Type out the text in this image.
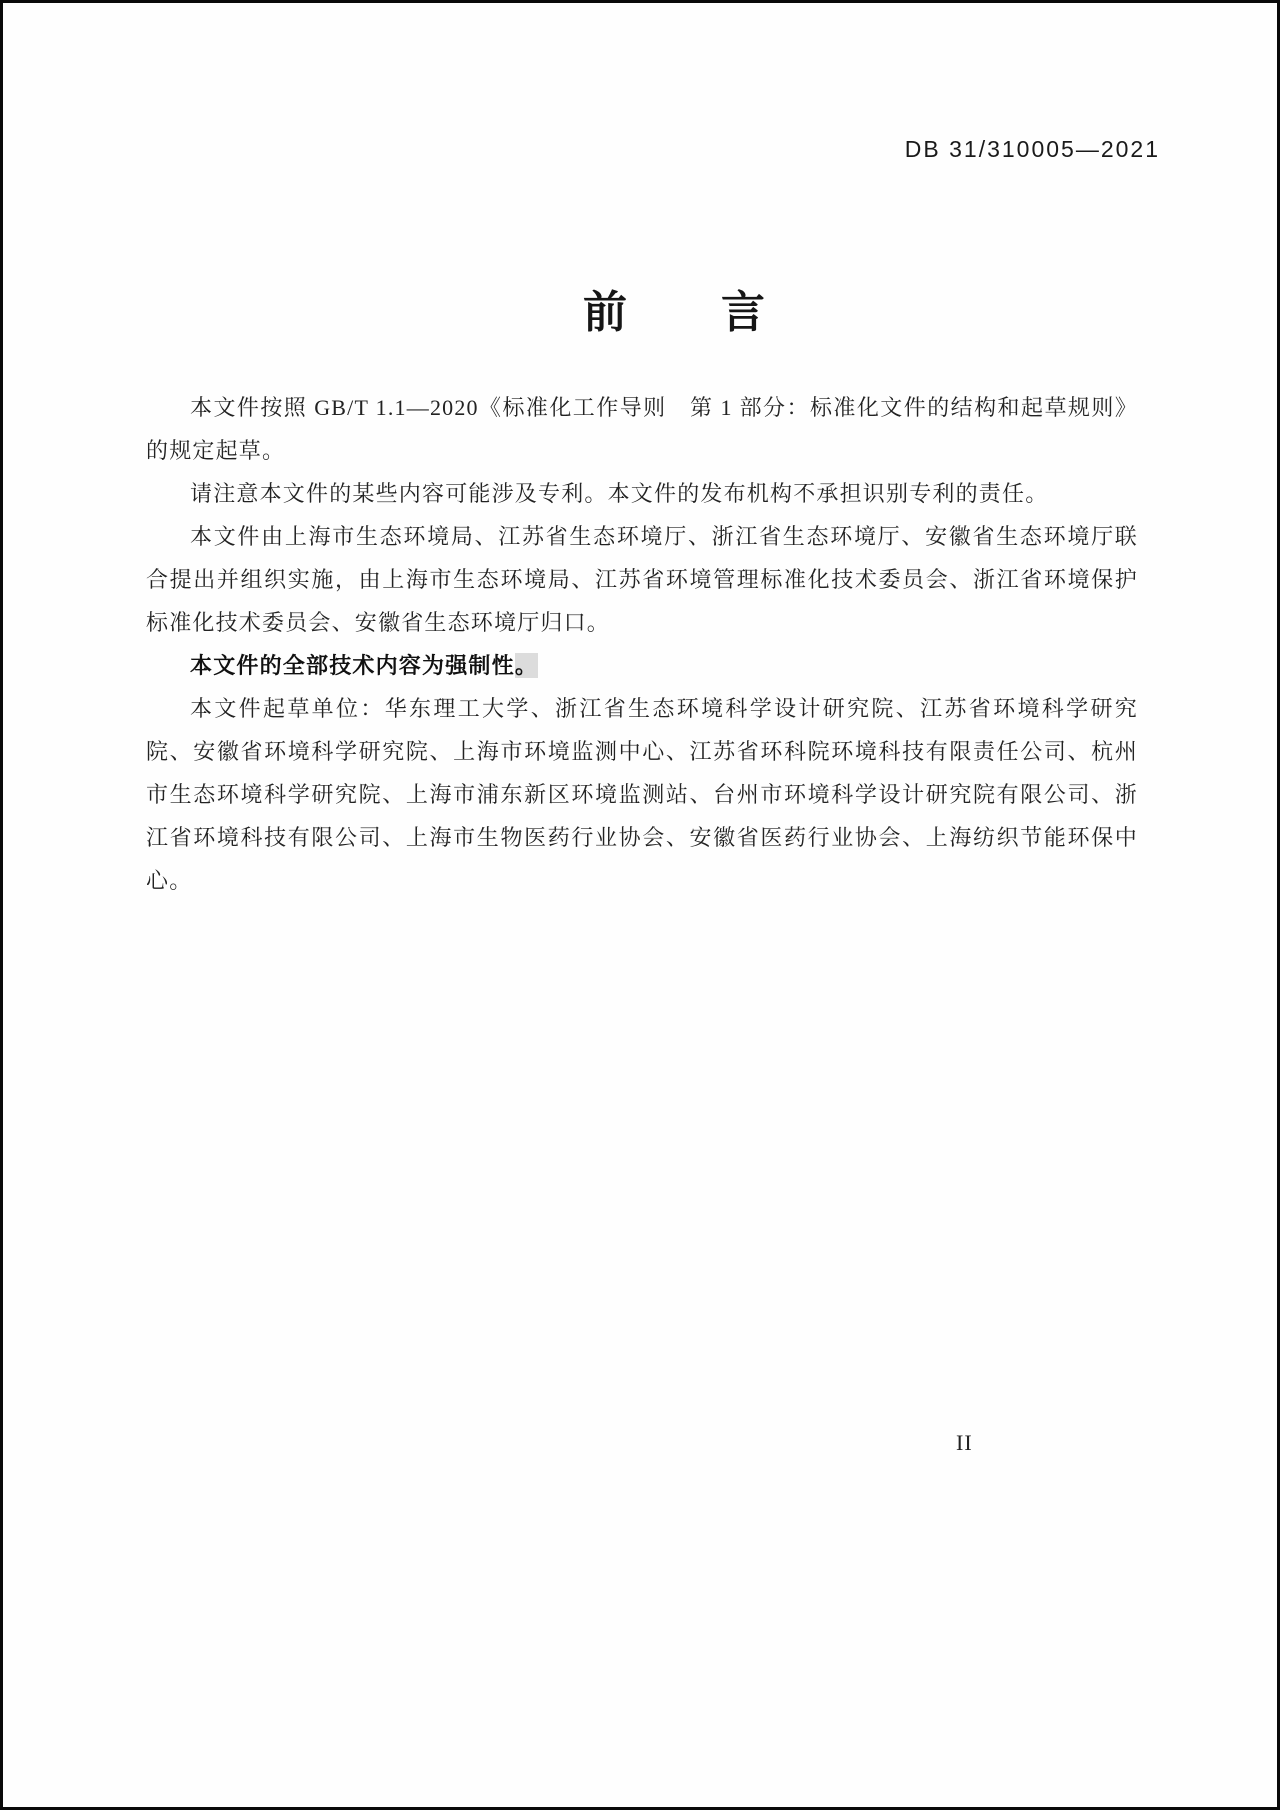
DB 31/310005—2021
前　　言

本文件按照 GB/T 1.1—2020《标准化工作导则　第 1 部分：标准化文件的结构和起草规则》的规定起草。

请注意本文件的某些内容可能涉及专利。本文件的发布机构不承担识别专利的责任。

本文件由上海市生态环境局、江苏省生态环境厅、浙江省生态环境厅、安徽省生态环境厅联合提出并组织实施，由上海市生态环境局、江苏省环境管理标准化技术委员会、浙江省环境保护标准化技术委员会、安徽省生态环境厅归口。

本文件的全部技术内容为强制性。

本文件起草单位：华东理工大学、浙江省生态环境科学设计研究院、江苏省环境科学研究院、安徽省环境科学研究院、上海市环境监测中心、江苏省环科院环境科技有限责任公司、杭州市生态环境科学研究院、上海市浦东新区环境监测站、台州市环境科学设计研究院有限公司、浙江省环境科技有限公司、上海市生物医药行业协会、安徽省医药行业协会、上海纺织节能环保中心。

II
